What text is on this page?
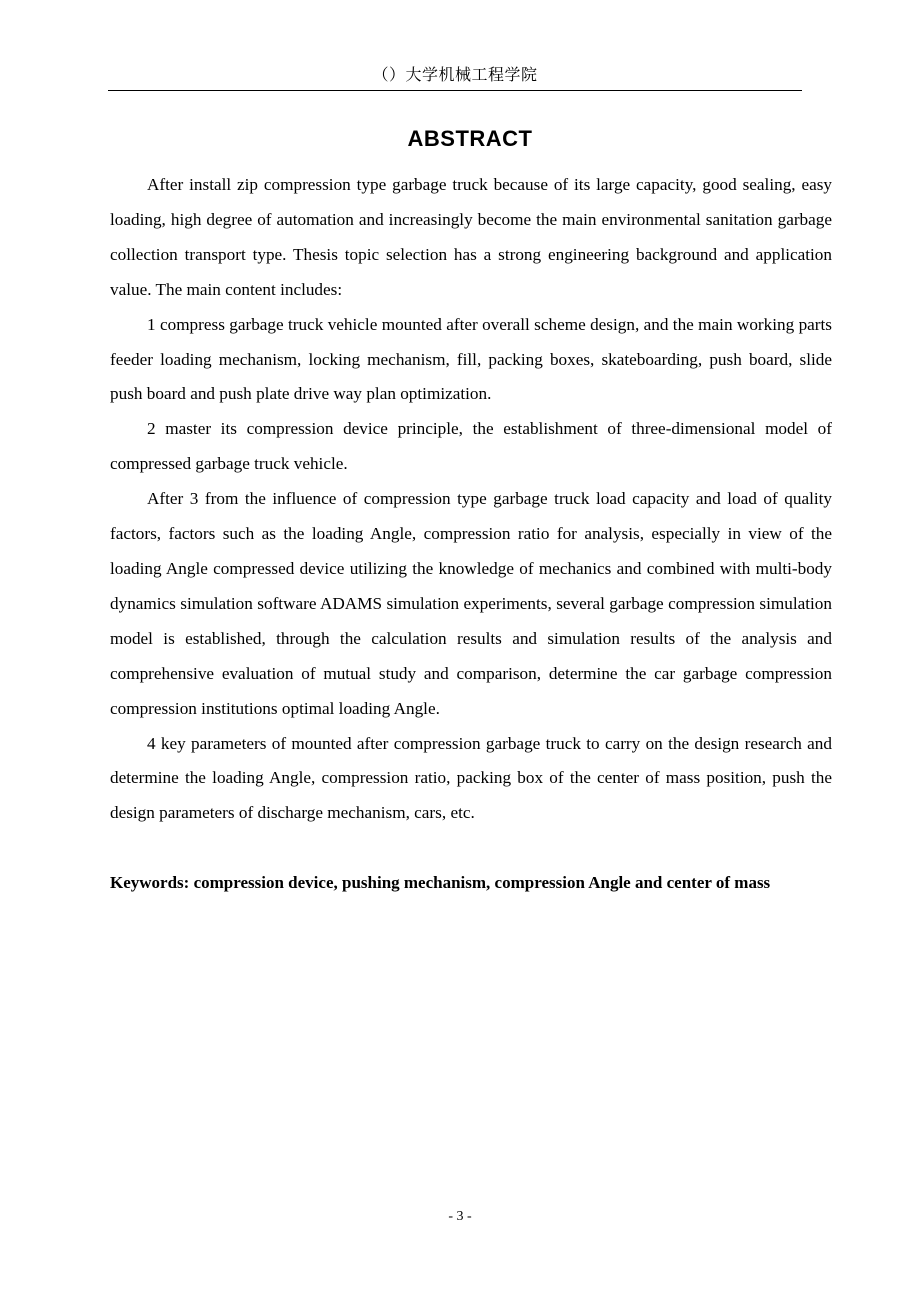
（）大学机械工程学院
ABSTRACT

After install zip compression type garbage truck because of its large capacity, good sealing, easy loading, high degree of automation and increasingly become the main environmental sanitation garbage collection transport type. Thesis topic selection has a strong engineering background and application value. The main content includes:

1 compress garbage truck vehicle mounted after overall scheme design, and the main working parts feeder loading mechanism, locking mechanism, fill, packing boxes, skateboarding, push board, slide push board and push plate drive way plan optimization.

2 master its compression device principle, the establishment of three-dimensional model of compressed garbage truck vehicle.

After 3 from the influence of compression type garbage truck load capacity and load of quality factors, factors such as the loading Angle, compression ratio for analysis, especially in view of the loading Angle compressed device utilizing the knowledge of mechanics and combined with multi-body dynamics simulation software ADAMS simulation experiments, several garbage compression simulation model is established, through the calculation results and simulation results of the analysis and comprehensive evaluation of mutual study and comparison, determine the car garbage compression compression institutions optimal loading Angle.

4 key parameters of mounted after compression garbage truck to carry on the design research and determine the loading Angle, compression ratio, packing box of the center of mass position, push the design parameters of discharge mechanism, cars, etc.

Keywords: compression device, pushing mechanism, compression Angle and center of mass

- 3 -
